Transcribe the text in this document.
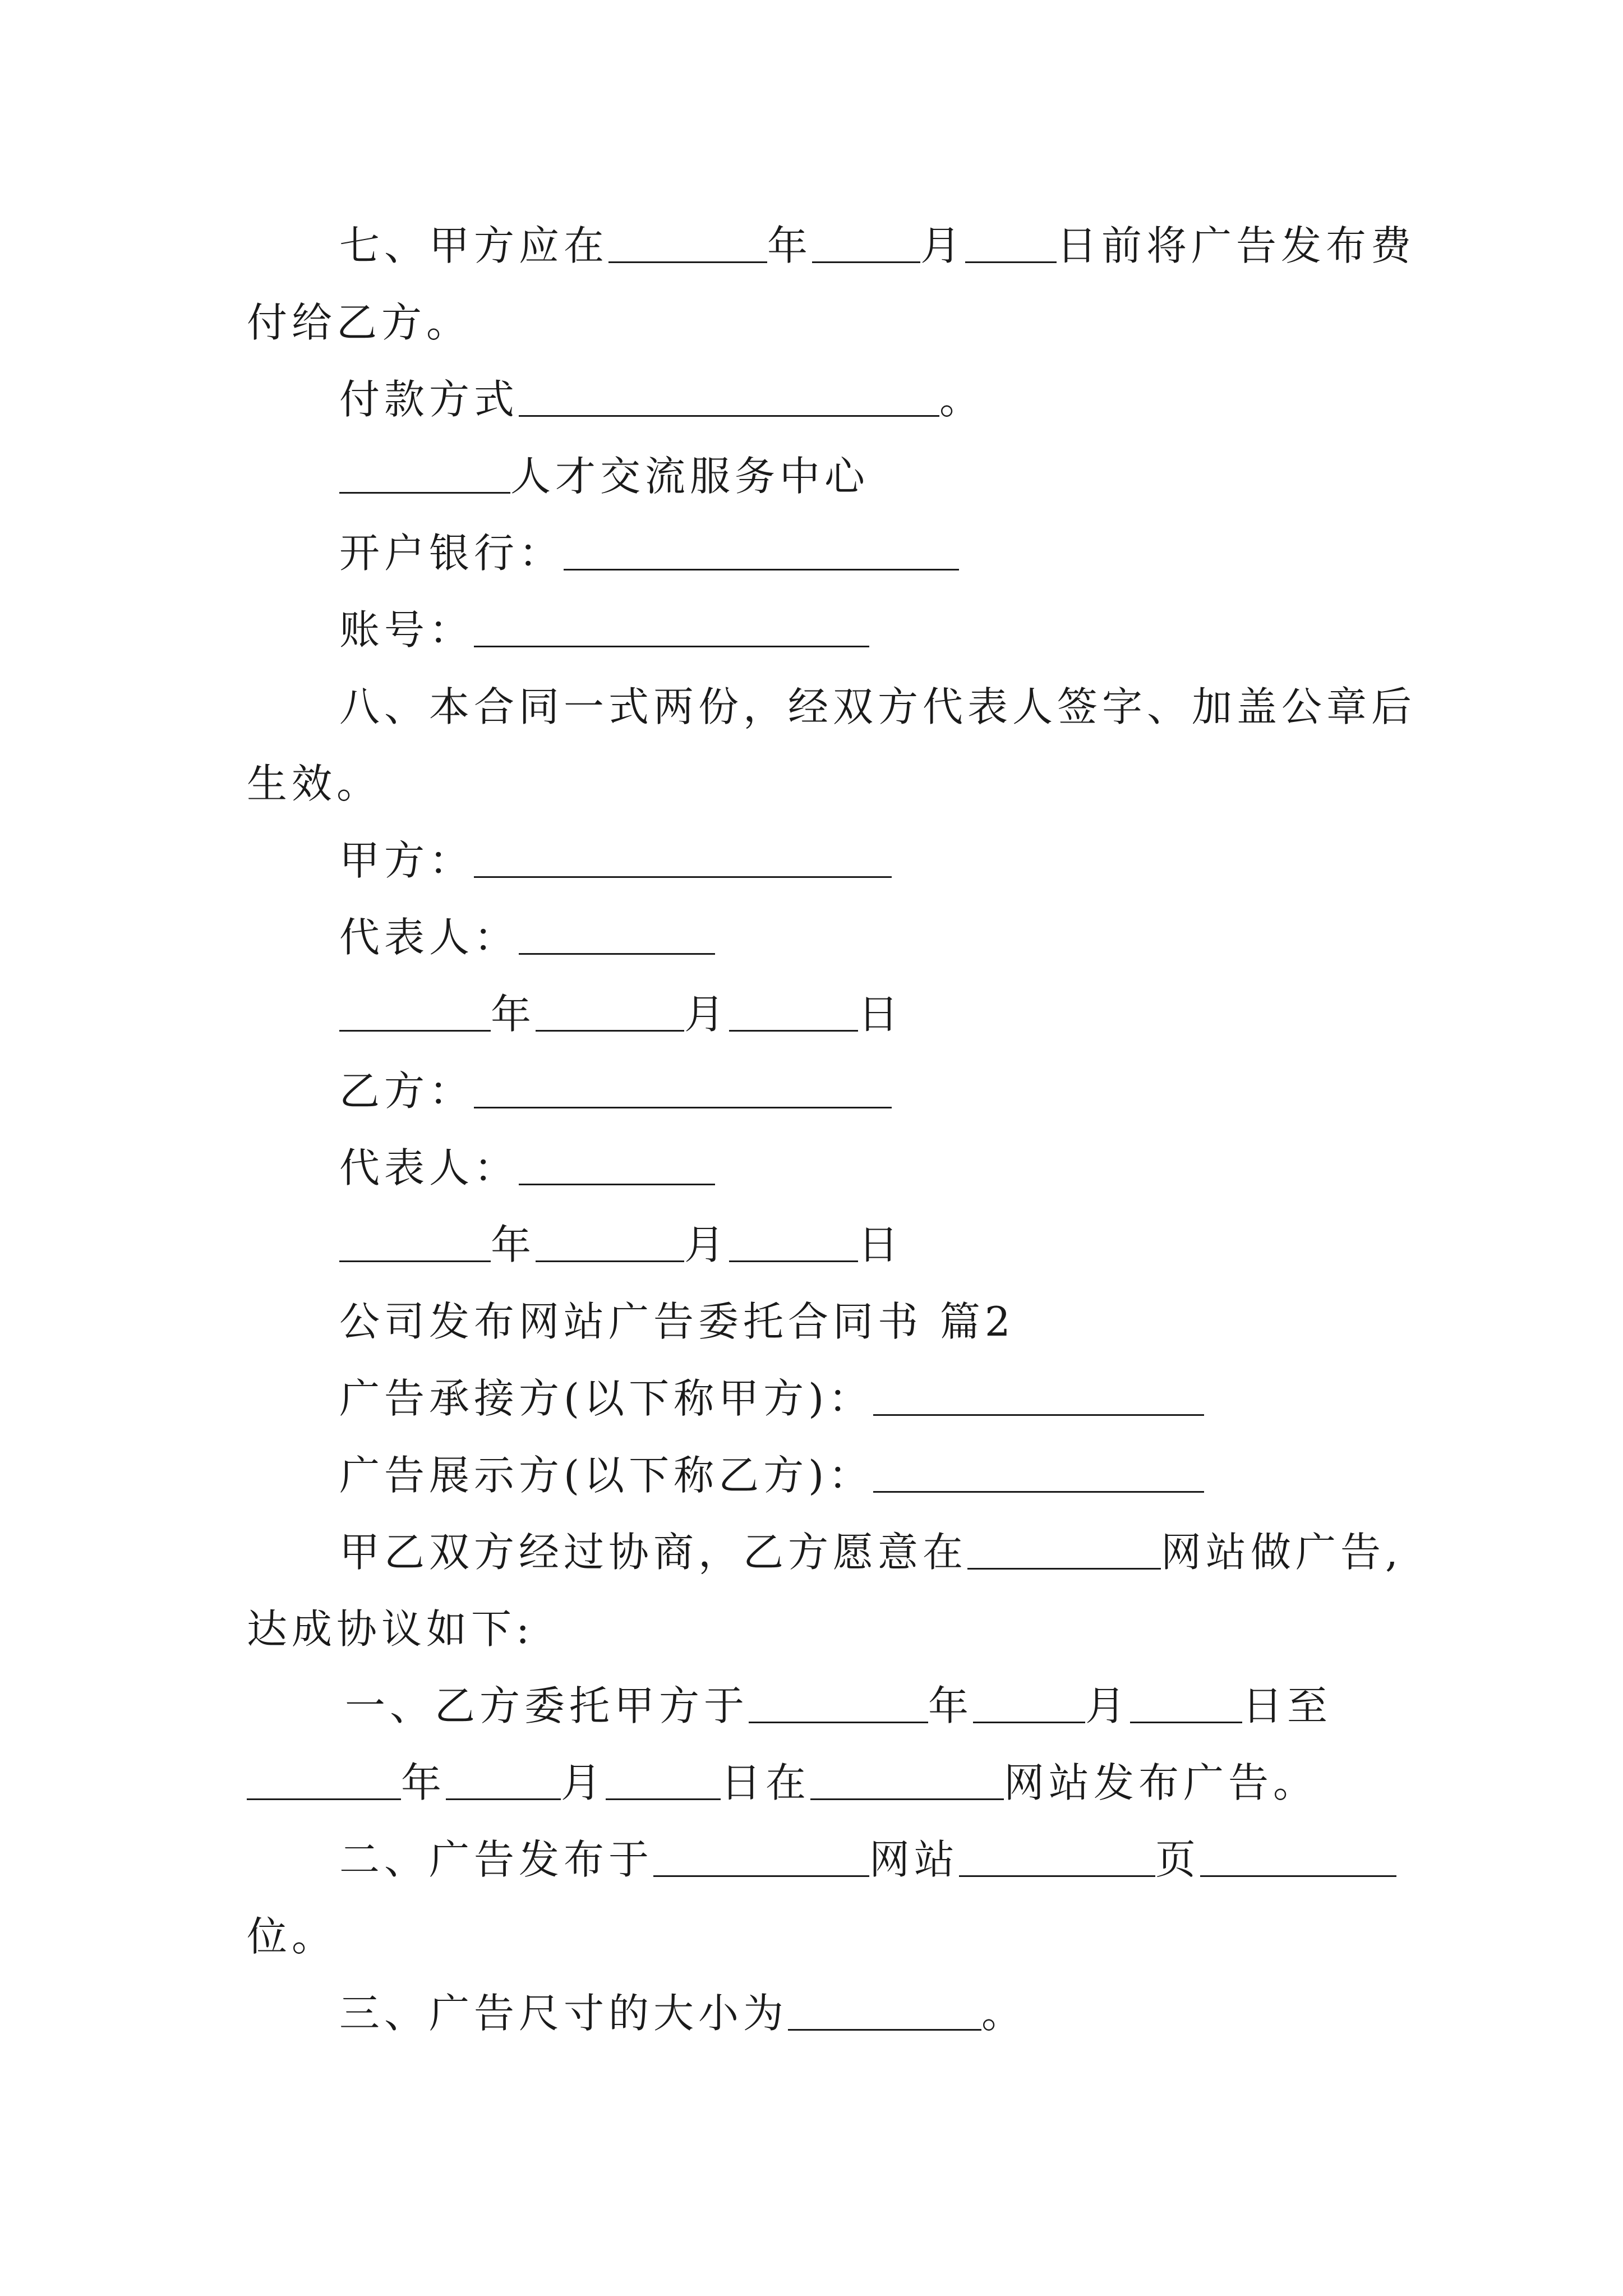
七、甲方应在	年	月 日前将广告发布费
付给乙方。
付款方式	。
人才交流服务中心
开户银行：
账号：
八、本合同一式两份，经双方代表人签字、加盖公章后
生效。
甲方：
代表人：
年	月	日
乙方：
代表人：
年	月	日
公司发布网站广告委托合同书 篇2
广告承接方(以下称甲方)：
广告展示方(以下称乙方)：
甲乙双方经过协商，乙方愿意在	网站做广告,
达成协议如下:
一、乙方委托甲方于	年	月	日至
年	月	日在	网站发布广告。
二、广告发布于	网站	页
位。
三、广告尺寸的大小为	。
